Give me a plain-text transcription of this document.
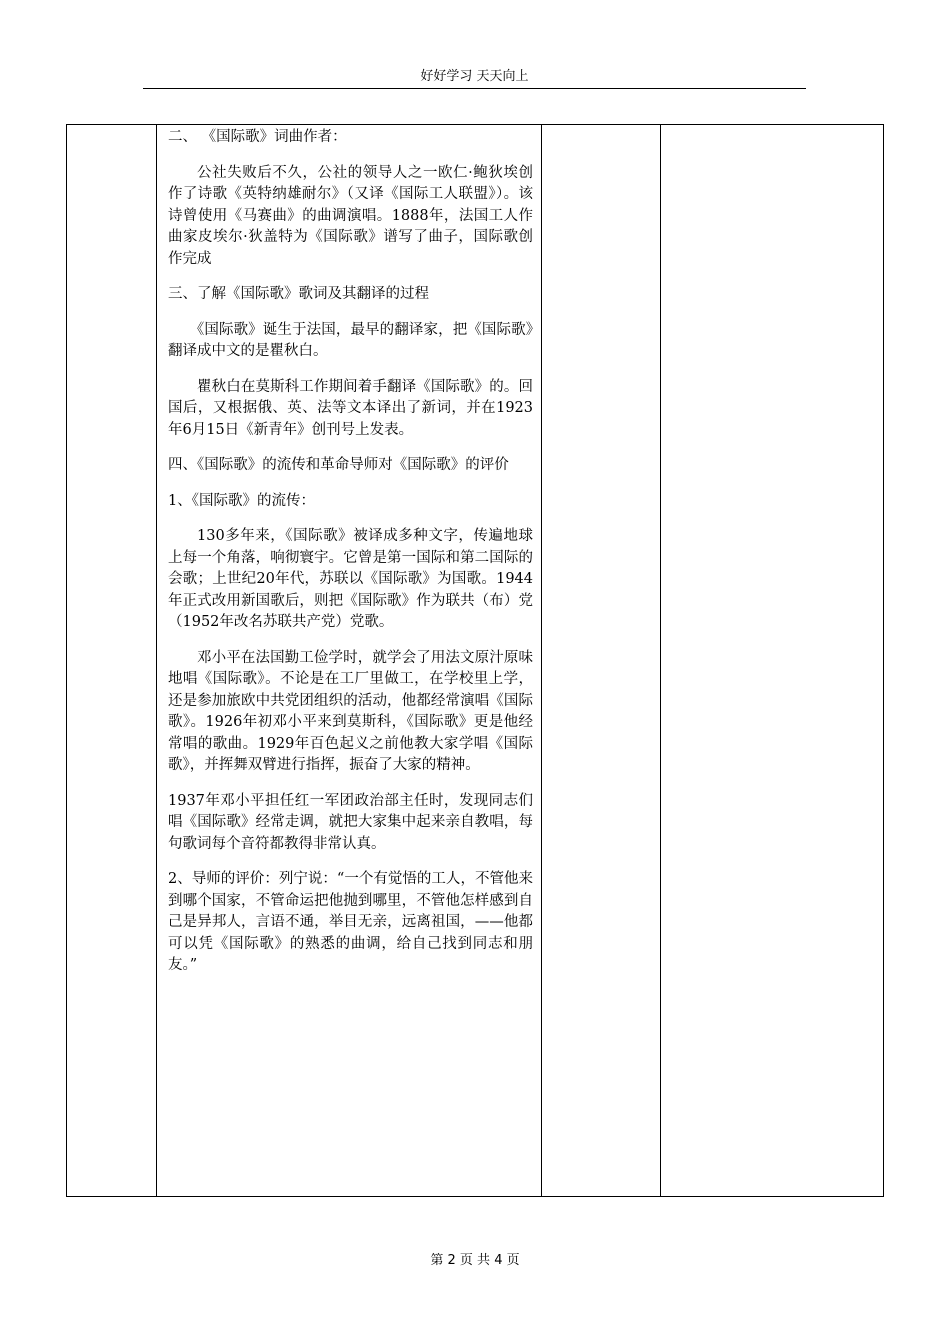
好好学习 天天向上

二、 《国际歌》词曲作者：

公社失败后不久，公社的领导人之一欧仁·鲍狄埃创作了诗歌《英特纳雄耐尔》（又译《国际工人联盟》）。该诗曾使用《马赛曲》的曲调演唱。1888年，法国工人作曲家皮埃尔·狄盖特为《国际歌》谱写了曲子，国际歌创作完成

三、了解《国际歌》歌词及其翻译的过程

《国际歌》诞生于法国，最早的翻译家，把《国际歌》翻译成中文的是瞿秋白。

瞿秋白在莫斯科工作期间着手翻译《国际歌》的。回国后，又根据俄、英、法等文本译出了新词，并在1923年6月15日《新青年》创刊号上发表。

四、《国际歌》的流传和革命导师对《国际歌》的评价

1、《国际歌》的流传：

130多年来，《国际歌》被译成多种文字，传遍地球上每一个角落，响彻寰宇。它曾是第一国际和第二国际的会歌；上世纪20年代，苏联以《国际歌》为国歌。1944年正式改用新国歌后，则把《国际歌》作为联共（布）党（1952年改名苏联共产党）党歌。

邓小平在法国勤工俭学时，就学会了用法文原汁原味地唱《国际歌》。不论是在工厂里做工，在学校里上学，还是参加旅欧中共党团组织的活动，他都经常演唱《国际歌》。1926年初邓小平来到莫斯科，《国际歌》更是他经常唱的歌曲。1929年百色起义之前他教大家学唱《国际歌》，并挥舞双臂进行指挥，振奋了大家的精神。

1937年邓小平担任红一军团政治部主任时，发现同志们唱《国际歌》经常走调，就把大家集中起来亲自教唱，每句歌词每个音符都教得非常认真。

2、导师的评价：列宁说：“一个有觉悟的工人，不管他来到哪个国家，不管命运把他抛到哪里，不管他怎样感到自己是异邦人，言语不通，举目无亲，远离祖国，——他都可以凭《国际歌》的熟悉的曲调，给自己找到同志和朋友。”

第 2 页 共 4 页
